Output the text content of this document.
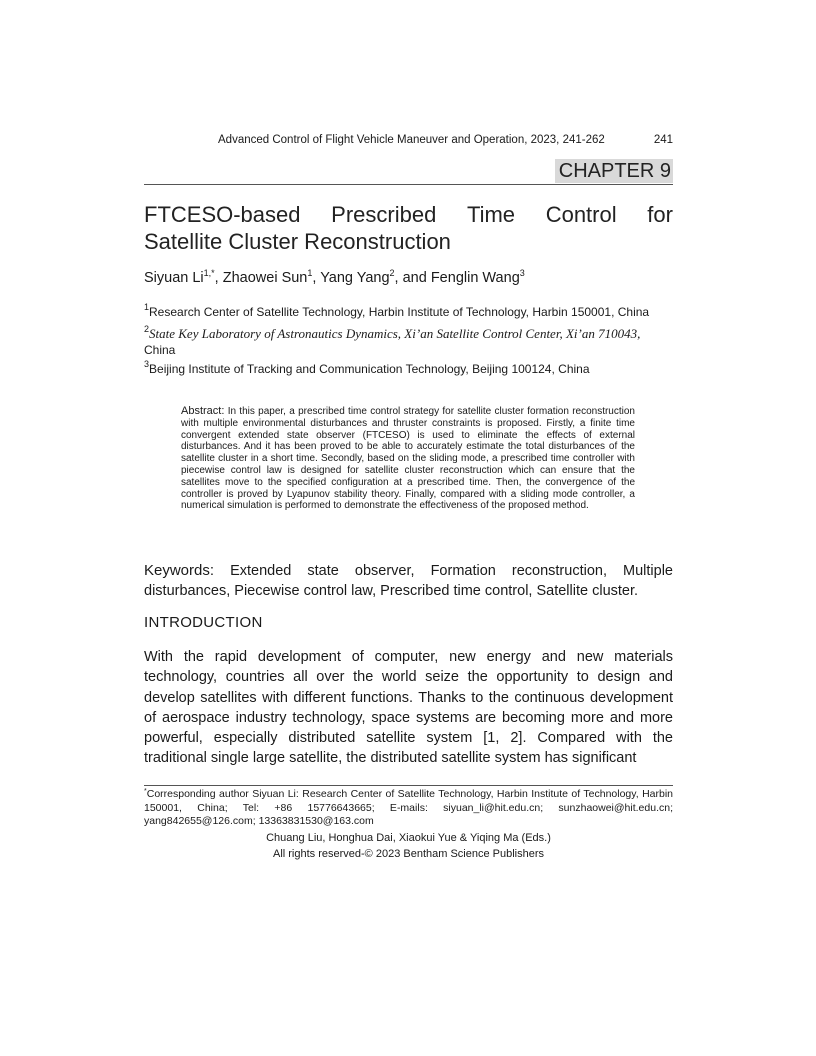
Advanced Control of Flight Vehicle Maneuver and Operation, 2023, 241-262	241
CHAPTER 9
FTCESO-based Prescribed Time Control for
Satellite Cluster Reconstruction
Siyuan $Li^{1,*}$, Zhaowei Sun$^1$, Yang Yang$^2$, and Fenglin Wang$^3$
$^1$Research Center of Satellite Technology, Harbin Institute of Technology, Harbin 150001, China
$^2$State Key Laboratory of Astronautics Dynamics, Xi’an Satellite Control Center, Xi’an 710043,
China
$^3$Beijing Institute of Tracking and Communication Technology, Beijing 100124, China
Abstract: In this paper, a prescribed time control strategy for satellite cluster formation reconstruction with multiple environmental disturbances and thruster constraints is proposed. Firstly, a finite time convergent extended state observer (FTCESO) is used to eliminate the effects of external disturbances. And it has been proved to be able to accurately estimate the total disturbances of the satellite cluster in a short time. Secondly, based on the sliding mode, a prescribed time controller with piecewise control law is designed for satellite cluster reconstruction which can ensure that the satellites move to the specified configuration at a prescribed time. Then, the convergence of the controller is proved by Lyapunov stability theory. Finally, compared with a sliding mode controller, a numerical simulation is performed to demonstrate the effectiveness of the proposed method.
Keywords: Extended state observer, Formation reconstruction, Multiple disturbances, Piecewise control law, Prescribed time control, Satellite cluster.
INTRODUCTION
With the rapid development of computer, new energy and new materials technology, countries all over the world seize the opportunity to design and develop satellites with different functions. Thanks to the continuous development of aerospace industry technology, space systems are becoming more and more powerful, especially distributed satellite system [1, 2]. Compared with the traditional single large satellite, the distributed satellite system has significant
*Corresponding author Siyuan Li: Research Center of Satellite Technology, Harbin Institute of Technology, Harbin 150001, China; Tel: +86 15776643665; E-mails: siyuan_li@hit.edu.cn; sunzhaowei@hit.edu.cn; yang842655@126.com; 13363831530@163.com
Chuang Liu, Honghua Dai, Xiaokui Yue & Yiqing Ma (Eds.)
All rights reserved-© 2023 Bentham Science Publishers
